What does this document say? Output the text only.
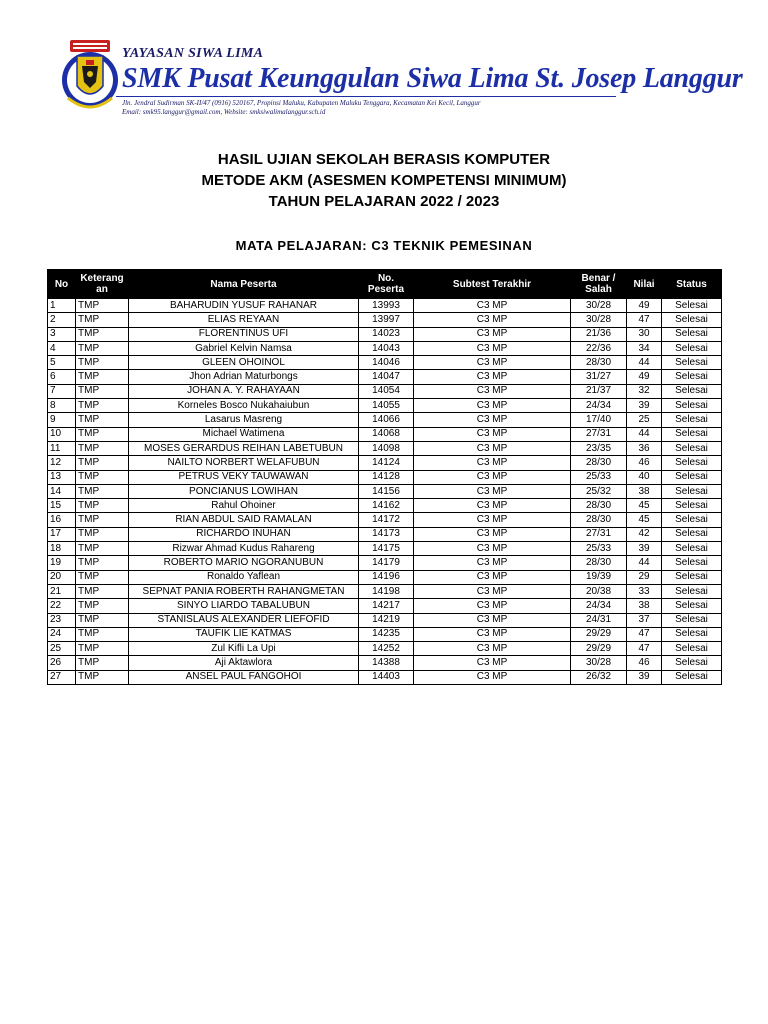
YAYASAN SIWA LIMA
SMK Pusat Keunggulan Siwa Lima St. Josep Langgur
Jln. Jendral Sudirman SK-II/47 (0916) 520167, Propinsi Maluku, Kabupaten Maluku Tenggara, Kecamatan Kei Kecil, Langgur
Email: smk95.langgur@gmail.com, Website: smksiwalimalanggur.sch.id
HASIL UJIAN SEKOLAH BERASIS KOMPUTER
METODE AKM (ASESMEN KOMPETENSI MINIMUM)
TAHUN PELAJARAN 2022 / 2023
MATA PELAJARAN: C3 TEKNIK PEMESINAN
No	Keterang an	Nama Peserta	No. Peserta	Subtest Terakhir	Benar / Salah	Nilai	Status
1	TMP	BAHARUDIN YUSUF RAHANAR	13993	C3 MP	30/28	49	Selesai
2	TMP	ELIAS REYAAN	13997	C3 MP	30/28	47	Selesai
3	TMP	FLORENTINUS UFI	14023	C3 MP	21/36	30	Selesai
4	TMP	Gabriel Kelvin Namsa	14043	C3 MP	22/36	34	Selesai
5	TMP	GLEEN OHOINOL	14046	C3 MP	28/30	44	Selesai
6	TMP	Jhon Adrian Maturbongs	14047	C3 MP	31/27	49	Selesai
7	TMP	JOHAN A. Y. RAHAYAAN	14054	C3 MP	21/37	32	Selesai
8	TMP	Korneles Bosco Nukahaiubun	14055	C3 MP	24/34	39	Selesai
9	TMP	Lasarus Masreng	14066	C3 MP	17/40	25	Selesai
10	TMP	Michael Watimena	14068	C3 MP	27/31	44	Selesai
11	TMP	MOSES GERARDUS REIHAN LABETUBUN	14098	C3 MP	23/35	36	Selesai
12	TMP	NAILTO NORBERT WELAFUBUN	14124	C3 MP	28/30	46	Selesai
13	TMP	PETRUS VEKY TAUWAWAN	14128	C3 MP	25/33	40	Selesai
14	TMP	PONCIANUS LOWIHAN	14156	C3 MP	25/32	38	Selesai
15	TMP	Rahul Ohoiner	14162	C3 MP	28/30	45	Selesai
16	TMP	RIAN ABDUL SAID RAMALAN	14172	C3 MP	28/30	45	Selesai
17	TMP	RICHARDO INUHAN	14173	C3 MP	27/31	42	Selesai
18	TMP	Rizwar Ahmad Kudus Rahareng	14175	C3 MP	25/33	39	Selesai
19	TMP	ROBERTO MARIO NGORANUBUN	14179	C3 MP	28/30	44	Selesai
20	TMP	Ronaldo Yaflean	14196	C3 MP	19/39	29	Selesai
21	TMP	SEPNAT PANIA ROBERTH RAHANGMETAN	14198	C3 MP	20/38	33	Selesai
22	TMP	SINYO LIARDO TABALUBUN	14217	C3 MP	24/34	38	Selesai
23	TMP	STANISLAUS ALEXANDER LIEFOFID	14219	C3 MP	24/31	37	Selesai
24	TMP	TAUFIK LIE KATMAS	14235	C3 MP	29/29	47	Selesai
25	TMP	Zul Kifli La Upi	14252	C3 MP	29/29	47	Selesai
26	TMP	Aji Aktawlora	14388	C3 MP	30/28	46	Selesai
27	TMP	ANSEL PAUL FANGOHOI	14403	C3 MP	26/32	39	Selesai
